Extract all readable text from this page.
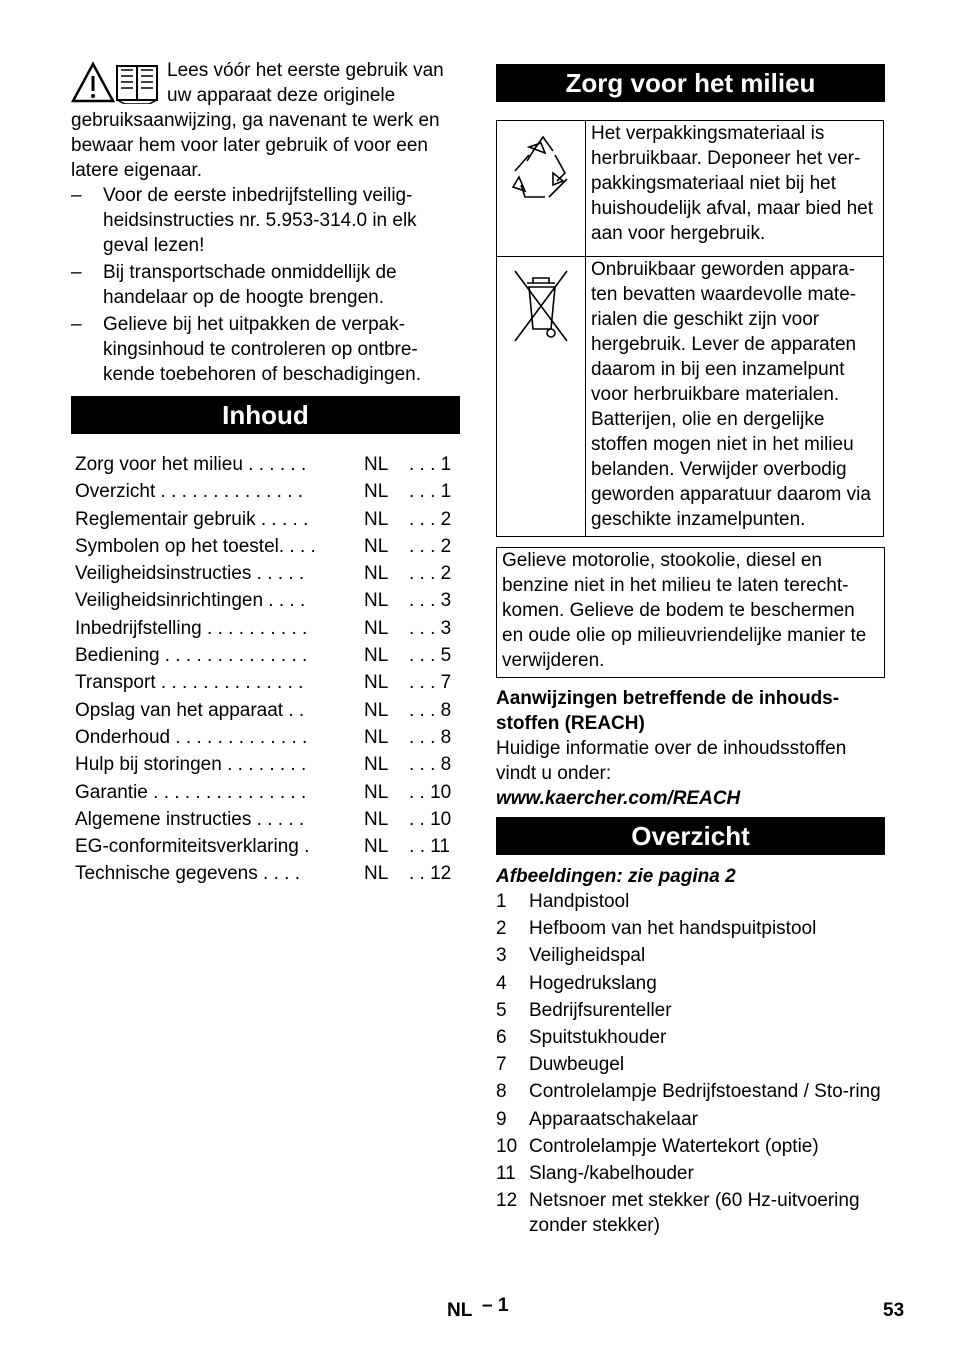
Lees vóór het eerste gebruik van uw apparaat deze originele gebruiksaanwijzing, ga navenant te werk en bewaar hem voor later gebruik of voor een latere eigenaar.

– Voor de eerste inbedrijfstelling veilig-heidsinstructies nr. 5.953-314.0 in elk geval lezen!
– Bij transportschade onmiddellijk de handelaar op de hoogte brengen.
– Gelieve bij het uitpakken de verpak-kingsinhoud te controleren op ontbre-kende toebehoren of beschadigingen.
Inhoud
Zorg voor het milieu . . . . . .	NL . . . 1
Overzicht . . . . . . . . . . . . . .	NL . . . 1
Reglementair gebruik . . . . .	NL . . . 2
Symbolen op het toestel. . . .	NL . . . 2
Veiligheidsinstructies . . . . .	NL . . . 2
Veiligheidsinrichtingen . . . .	NL . . . 3
Inbedrijfstelling . . . . . . . . . .	NL . . . 3
Bediening . . . . . . . . . . . . . .	NL . . . 5
Transport . . . . . . . . . . . . . .	NL . . . 7
Opslag van het apparaat . .	NL . . . 8
Onderhoud . . . . . . . . . . . . .	NL . . . 8
Hulp bij storingen . . . . . . . .	NL . . . 8
Garantie . . . . . . . . . . . . . . .	NL . . 10
Algemene instructies . . . . .	NL . . 10
EG-conformiteitsverklaring .	NL . . 11
Technische gegevens . . . .	NL . . 12
Zorg voor het milieu
	Het verpakkingsmateriaal is herbruikbaar. Deponeer het ver-pakkingsmateriaal niet bij het huishoudelijk afval, maar bied het aan voor hergebruik.
	Onbruikbaar geworden appara-ten bevatten waardevolle mate-rialen die geschikt zijn voor hergebruik. Lever de apparaten daarom in bij een inzamelpunt voor herbruikbare materialen. Batterijen, olie en dergelijke stoffen mogen niet in het milieu belanden. Verwijder overbodig geworden apparatuur daarom via geschikte inzamelpunten.
Gelieve motorolie, stookolie, diesel en benzine niet in het milieu te laten terecht-komen. Gelieve de bodem te beschermen en oude olie op milieuvriendelijke manier te verwijderen.
Aanwijzingen betreffende de inhouds-stoffen (REACH)
Huidige informatie over de inhoudsstoffen vindt u onder:
www.kaercher.com/REACH
Overzicht
Afbeeldingen: zie pagina 2
1 Handpistool
2 Hefboom van het handspuitpistool
3 Veiligheidspal
4 Hogedrukslang
5 Bedrijfsurenteller
6 Spuitstukhouder
7 Duwbeugel
8 Controlelampje Bedrijfstoestand / Sto-ring
9 Apparaatschakelaar
10 Controlelampje Watertekort (optie)
11 Slang-/kabelhouder
12 Netsnoer met stekker (60 Hz-uitvoering zonder stekker)
NL – 1	53
